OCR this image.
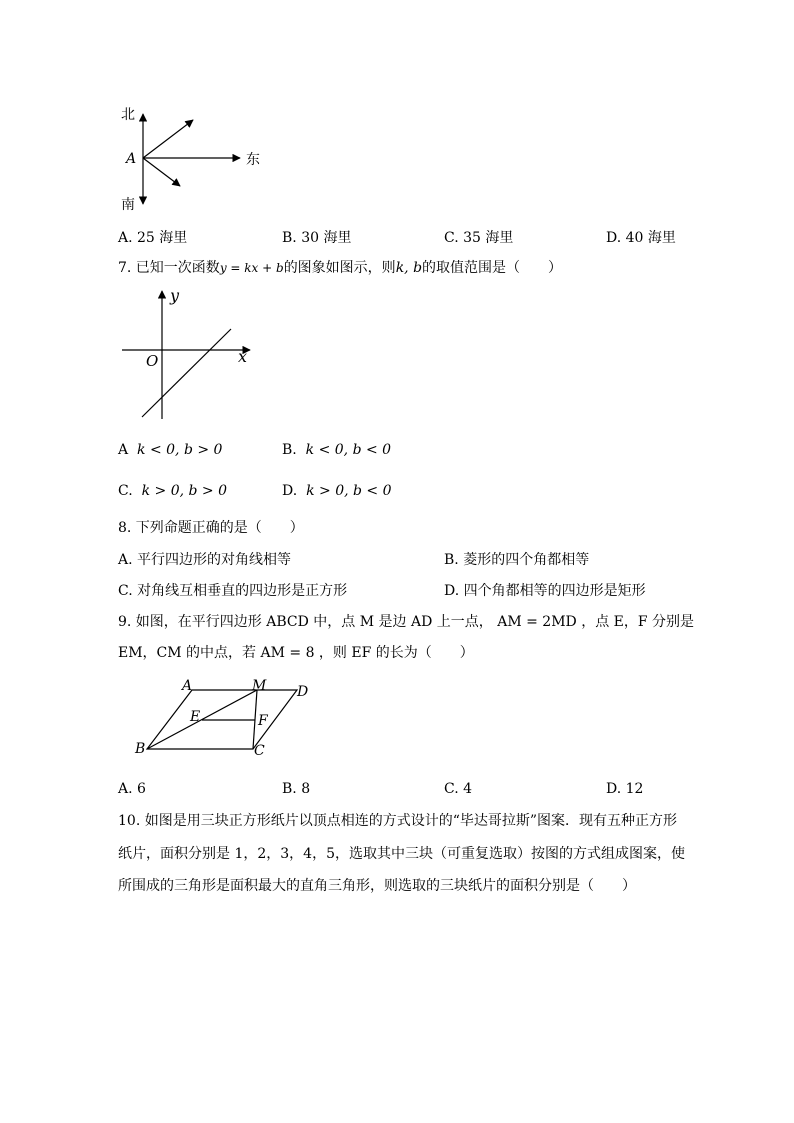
北
A	东
南
A. 25 海里	B. 30 海里	C. 35 海里	D. 40 海里
7. 已知一次函数y = kx + b的图象如图示，则k, b的取值范围是（　　）
y
x
O
A k < 0, b > 0	B. k < 0, b < 0
C. k > 0, b > 0	D. k > 0, b < 0
8. 下列命题正确的是（　　）
A. 平行四边形的对角线相等	B. 菱形的四个角都相等
C. 对角线互相垂直的四边形是正方形	D. 四个角都相等的四边形是矩形
9. 如图，在平行四边形 ABCD 中，点 M 是边 AD 上一点， AM = 2MD ，点 E，F 分别是
EM，CM 的中点，若 AM = 8 ，则 EF 的长为（　　）
A	M D
E	F
B	C
A. 6	B. 8	C. 4	D. 12
10. 如图是用三块正方形纸片以顶点相连的方式设计的“毕达哥拉斯”图案．现有五种正方形
纸片，面积分别是 1，2，3，4，5，选取其中三块（可重复选取）按图的方式组成图案，使
所围成的三角形是面积最大的直角三角形，则选取的三块纸片的面积分别是（　　）
